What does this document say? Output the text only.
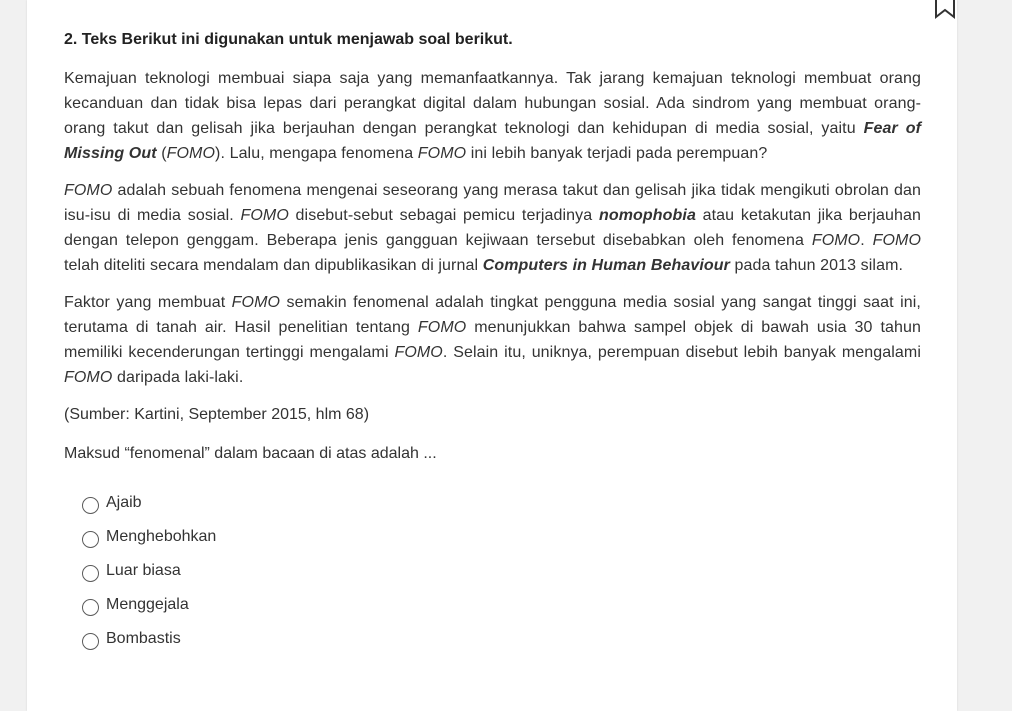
2. Teks Berikut ini digunakan untuk menjawab soal berikut.

Kemajuan teknologi membuai siapa saja yang memanfaatkannya. Tak jarang kemajuan teknologi membuat orang kecanduan dan tidak bisa lepas dari perangkat digital dalam hubungan sosial. Ada sindrom yang membuat orang-orang takut dan gelisah jika berjauhan dengan perangkat teknologi dan kehidupan di media sosial, yaitu Fear of Missing Out (FOMO). Lalu, mengapa fenomena FOMO ini lebih banyak terjadi pada perempuan?

FOMO adalah sebuah fenomena mengenai seseorang yang merasa takut dan gelisah jika tidak mengikuti obrolan dan isu-isu di media sosial. FOMO disebut-sebut sebagai pemicu terjadinya nomophobia atau ketakutan jika berjauhan dengan telepon genggam. Beberapa jenis gangguan kejiwaan tersebut disebabkan oleh fenomena FOMO. FOMO telah diteliti secara mendalam dan dipublikasikan di jurnal Computers in Human Behaviour pada tahun 2013 silam.

Faktor yang membuat FOMO semakin fenomenal adalah tingkat pengguna media sosial yang sangat tinggi saat ini, terutama di tanah air. Hasil penelitian tentang FOMO menunjukkan bahwa sampel objek di bawah usia 30 tahun memiliki kecenderungan tertinggi mengalami FOMO. Selain itu, uniknya, perempuan disebut lebih banyak mengalami FOMO daripada laki-laki.

(Sumber: Kartini, September 2015, hlm 68)

Maksud “fenomenal” dalam bacaan di atas adalah ...

Ajaib
Menghebohkan
Luar biasa
Menggejala
Bombastis
